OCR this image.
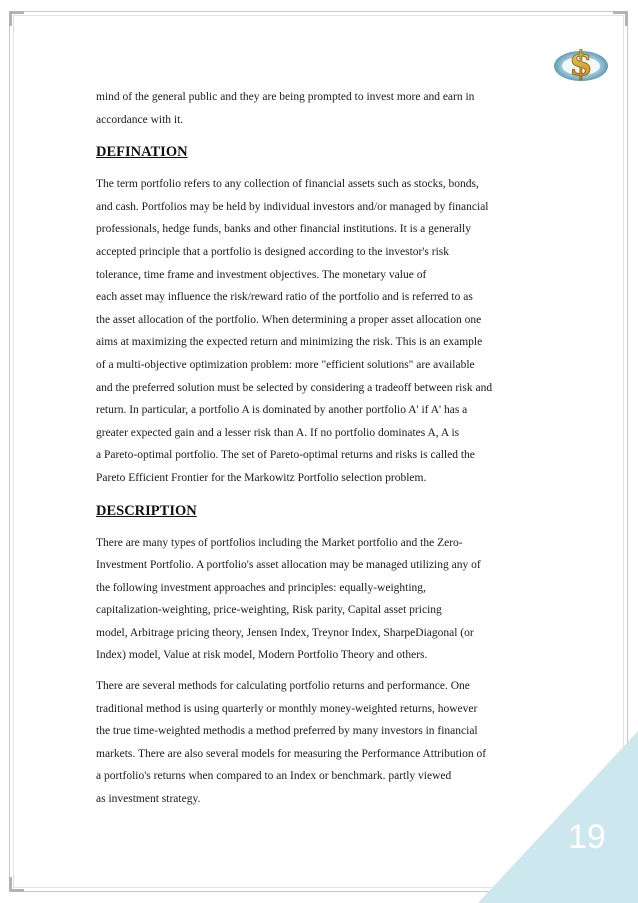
$
19
mind of the general public and they are being prompted to invest more and earn in
accordance with it.
DEFINATION
The term portfolio refers to any collection of financial assets such as stocks, bonds,
and cash. Portfolios may be held by individual investors and/or managed by financial
professionals, hedge funds, banks and other financial institutions. It is a generally
accepted principle that a portfolio is designed according to the investor's risk
tolerance, time frame and investment objectives. The monetary value of
each asset may influence the risk/reward ratio of the portfolio and is referred to as
the asset allocation of the portfolio. When determining a proper asset allocation one
aims at maximizing the expected return and minimizing the risk. This is an example
of a multi-objective optimization problem: more "efficient solutions" are available
and the preferred solution must be selected by considering a tradeoff between risk and
return. In particular, a portfolio A is dominated by another portfolio A' if A' has a
greater expected gain and a lesser risk than A. If no portfolio dominates A, A is
a Pareto-optimal portfolio. The set of Pareto-optimal returns and risks is called the
Pareto Efficient Frontier for the Markowitz Portfolio selection problem.
DESCRIPTION
There are many types of portfolios including the Market portfolio and the Zero-
Investment Portfolio. A portfolio's asset allocation may be managed utilizing any of
the following investment approaches and principles: equally-weighting,
capitalization-weighting, price-weighting, Risk parity, Capital asset pricing
model, Arbitrage pricing theory, Jensen Index, Treynor Index, SharpeDiagonal (or
Index) model, Value at risk model, Modern Portfolio Theory and others.
There are several methods for calculating portfolio returns and performance. One
traditional method is using quarterly or monthly money-weighted returns, however
the true time-weighted methodis a method preferred by many investors in financial
markets. There are also several models for measuring the Performance Attribution of
a portfolio's returns when compared to an Index or benchmark. partly viewed
as investment strategy.
